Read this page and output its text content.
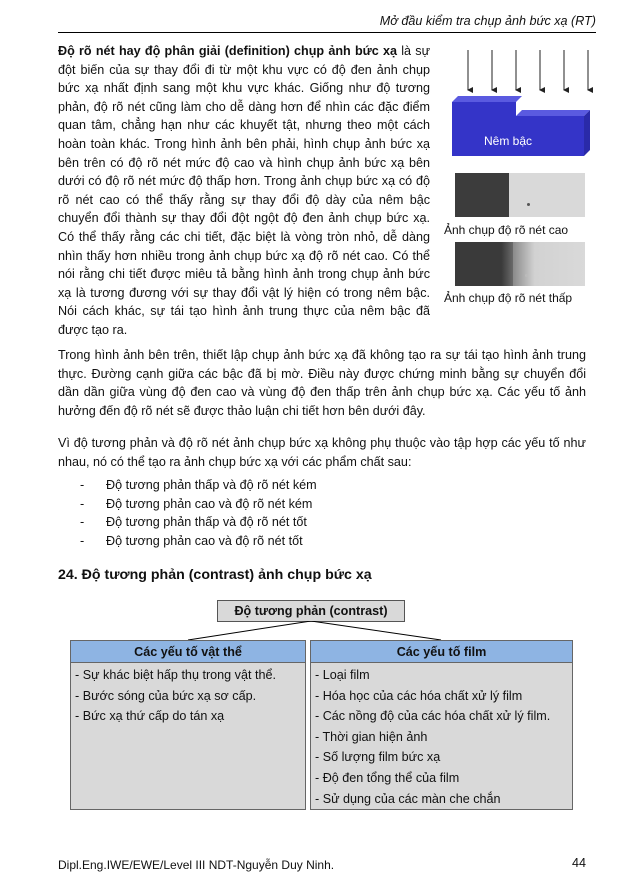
Mở đầu kiểm tra chụp ảnh bức xạ (RT)
Độ rõ nét hay độ phân giải (definition) chụp ảnh bức xạ là sự đột biến của sự thay đổi đi từ một khu vực có độ đen ảnh chụp bức xạ nhất định sang một khu vực khác. Giống như độ tương phản, độ rõ nét cũng làm cho dễ dàng hơn để nhìn các đặc điểm quan tâm, chẳng hạn như các khuyết tật, nhưng theo một cách hoàn toàn khác. Trong hình ảnh bên phải, hình chụp ảnh bức xạ bên trên có độ rõ nét mức độ cao và hình chụp ảnh bức xạ bên dưới có độ rõ nét mức độ thấp hơn. Trong ảnh chụp bức xạ có độ rõ nét cao có thể thấy rằng sự thay đổi độ dày của nêm bậc chuyển đổi thành sự thay đổi đột ngột độ đen ảnh chụp bức xạ. Có thể thấy rằng các chi tiết, đặc biệt là vòng tròn nhỏ, dễ dàng nhìn thấy hơn nhiều trong ảnh chụp bức xạ độ rõ nét cao. Có thể nói rằng chi tiết được miêu tả bằng hình ảnh trong chụp ảnh bức xạ là tương đương với sự thay đổi vật lý hiện có trong nêm bậc. Nói cách khác, sự tái tạo hình ảnh trung thực của nêm bậc đã được tạo ra.
Nêm bậc
Ảnh chụp độ rõ nét cao
Ảnh chụp độ rõ nét thấp
Trong hình ảnh bên trên, thiết lập chụp ảnh bức xạ đã không tạo ra sự tái tạo hình ảnh trung thực. Đường cạnh giữa các bậc đã bị mờ. Điều này được chứng minh bằng sự chuyển đổi dần dần giữa vùng độ đen cao và vùng độ đen thấp trên ảnh chụp bức xạ. Các yếu tố ảnh hưởng đến độ rõ nét sẽ được thảo luận chi tiết hơn bên dưới đây.
Vì độ tương phản và độ rõ nét ảnh chụp bức xạ không phụ thuộc vào tập hợp các yếu tố như nhau, nó có thể tạo ra ảnh chụp bức xạ với các phẩm chất sau:
-	Độ tương phản thấp và độ rõ nét kém
-	Độ tương phản cao và độ rõ nét kém
-	Độ tương phản thấp và độ rõ nét tốt
-	Độ tương phản cao và độ rõ nét tốt
24. Độ tương phản (contrast) ảnh chụp bức xạ
Độ tương phản (contrast)
Các yếu tố vật thể
- Sự khác biệt hấp thụ trong vật thể.
- Bước sóng của bức xạ sơ cấp.
- Bức xạ thứ cấp do tán xạ
Các yếu tố film
- Loại film
- Hóa học của các hóa chất xử lý film
- Các nồng độ của các hóa chất xử lý film.
- Thời gian hiện ảnh
- Số lượng film bức xạ
- Độ đen tổng thể của film
- Sử dụng của các màn che chắn
Dipl.Eng.IWE/EWE/Level III NDT-Nguyễn Duy Ninh.	44
